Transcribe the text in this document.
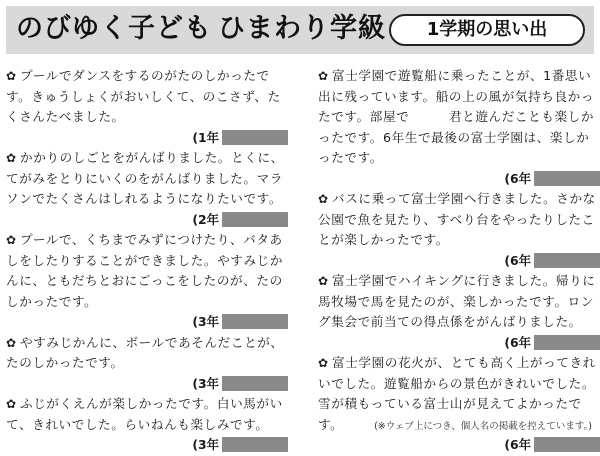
のびゆく子ども ひまわり学級	1学期の思い出
✿ プールでダンスをするのがたのしかったです。きゅうしょくがおいしくて、のこさず、たくさんたべました。
(1年
✿ かかりのしごとをがんばりました。とくに、てがみをとりにいくのをがんばりました。マラソンでたくさんはしれるようになりたいです。
(2年
✿ プールで、くちまでみずにつけたり、バタあしをしたりすることができました。やすみじかんに、ともだちとおにごっこをしたのが、たのしかったです。
(3年
✿ やすみじかんに、ボールであそんだことが、たのしかったです。
(3年
✿ ふじがくえんが楽しかったです。白い馬がいて、きれいでした。らいねんも楽しみです。
(3年
✿ 富士学園で遊覧船に乗ったことが、1番思い出に残っています。船の上の風が気持ち良かったです。部屋で　　　君と遊んだことも楽しかったです。6年生で最後の富士学園は、楽しかったです。
(6年
✿ バスに乗って富士学園へ行きました。さかな公園で魚を見たり、すべり台をやったりしたことが楽しかったです。
(6年
✿ 富士学園でハイキングに行きました。帰りに馬牧場で馬を見たのが、楽しかったです。ロング集会で前当ての得点係をがんばりました。
(6年
✿ 富士学園の花火が、とても高く上がってきれいでした。遊覧船からの景色がきれいでした。雪が積もっている富士山が見えてよかったです。
(6年
(※ウェブ上につき、個人名の掲載を控えています。)
